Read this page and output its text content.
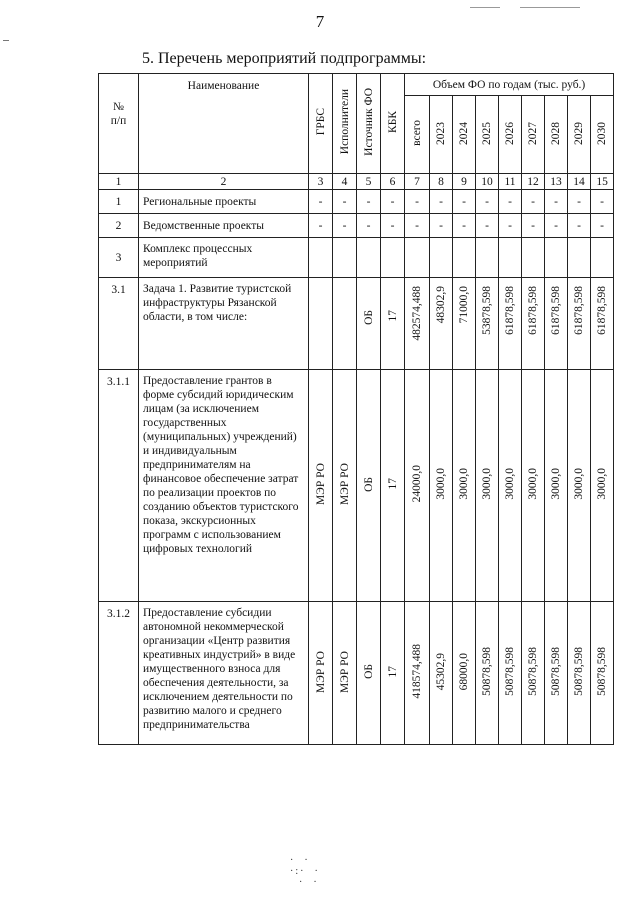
7
5. Перечень мероприятий подпрограммы:
№
п/п	Наименование	ГРБС	Исполнители	Источник ФО	КБК	Объем ФО по годам (тыс. руб.)								
						всего	2023	2024	2025	2026	2027	2028	2029	2030
1	2	3	4	5	6	7	8	9	10	11	12	13	14	15
1	Региональные проекты	-	-	-	-	-	-	-	-	-	-	-	-	-
2	Ведомственные проекты	-	-	-	-	-	-	-	-	-	-	-	-	-
3	Комплекс процессных мероприятий													
3.1	Задача 1. Развитие туристской инфраструктуры Рязанской области, в том числе:			ОБ	17	482574,488	48302,9	71000,0	53878,598	61878,598	61878,598	61878,598	61878,598	61878,598
3.1.1	Предоставление грантов в форме субсидий юридическим лицам (за исключением государственных (муниципальных) учреждений) и индивидуальным предпринимателям на финансовое обеспечение затрат по реализации проектов по созданию объектов туристского показа, экскурсионных программ с использованием цифровых технологий	МЭР РО	МЭР РО	ОБ	17	24000,0	3000,0	3000,0	3000,0	3000,0	3000,0	3000,0	3000,0	3000,0
3.1.2	Предоставление субсидии автономной некоммерческой организации «Центр развития креативных индустрий» в виде имущественного взноса для обеспечения деятельности, за исключением деятельности по развитию малого и среднего предпринимательства	МЭР РО	МЭР РО	ОБ	17	418574,488	45302,9	68000,0	50878,598	50878,598	50878,598	50878,598	50878,598	50878,598
·  ·
·:·  ·
·  ·
